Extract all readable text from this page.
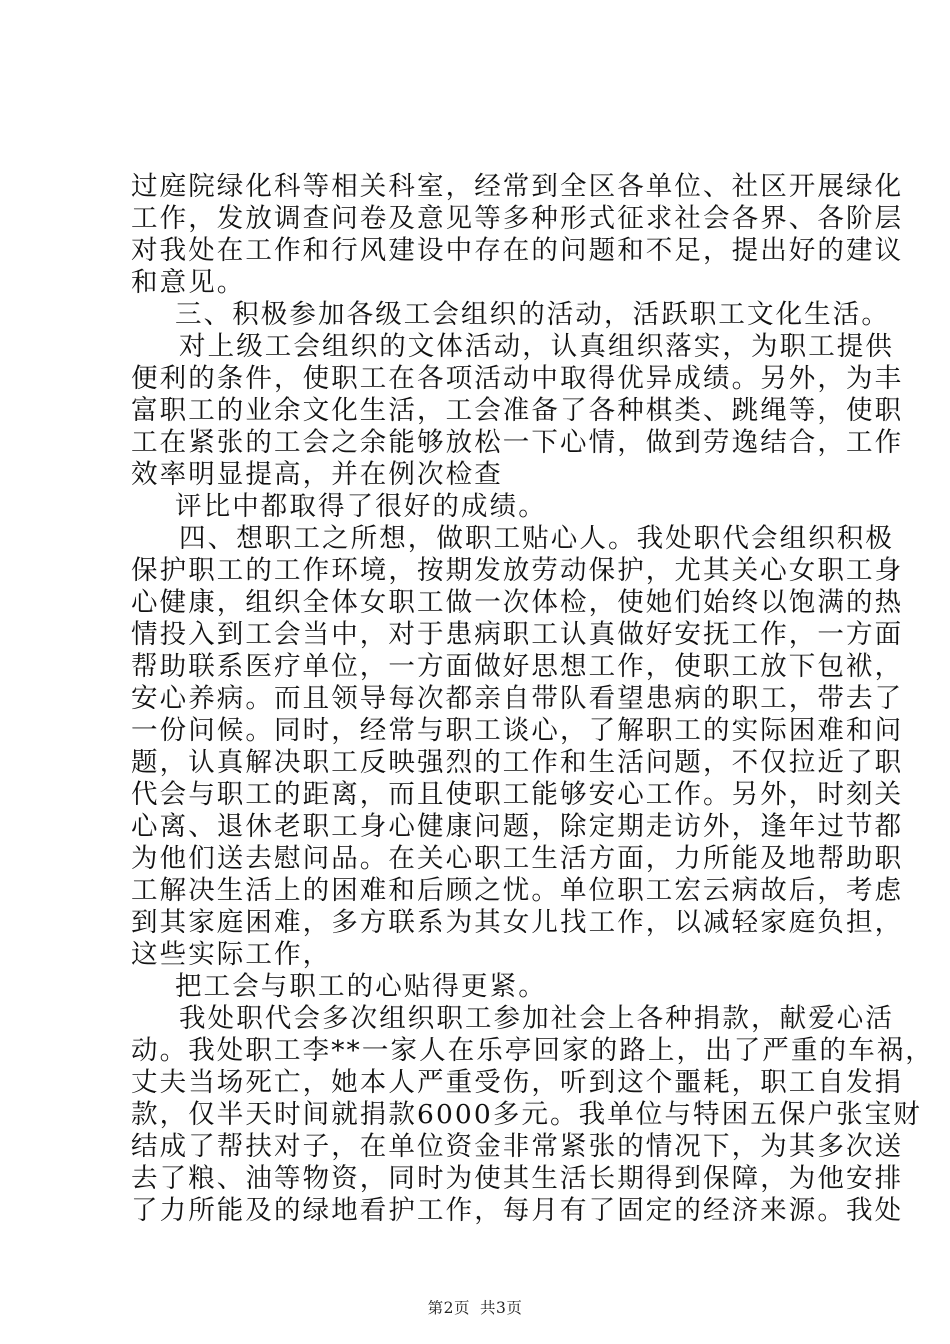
过庭院绿化科等相关科室，经常到全区各单位、社区开展绿化
工作，发放调查问卷及意见等多种形式征求社会各界、各阶层
对我处在工作和行风建设中存在的问题和不足，提出好的建议
和意见。
三、积极参加各级工会组织的活动，活跃职工文化生活。
对上级工会组织的文体活动，认真组织落实，为职工提供
便利的条件，使职工在各项活动中取得优异成绩。另外，为丰
富职工的业余文化生活，工会准备了各种棋类、跳绳等，使职
工在紧张的工会之余能够放松一下心情，做到劳逸结合，工作
效率明显提高，并在例次检查
评比中都取得了很好的成绩。
四、想职工之所想，做职工贴心人。我处职代会组织积极
保护职工的工作环境，按期发放劳动保护，尤其关心女职工身
心健康，组织全体女职工做一次体检，使她们始终以饱满的热
情投入到工会当中，对于患病职工认真做好安抚工作，一方面
帮助联系医疗单位，一方面做好思想工作，使职工放下包袱，
安心养病。而且领导每次都亲自带队看望患病的职工，带去了
一份问候。同时，经常与职工谈心，了解职工的实际困难和问
题，认真解决职工反映强烈的工作和生活问题，不仅拉近了职
代会与职工的距离，而且使职工能够安心工作。另外，时刻关
心离、退休老职工身心健康问题，除定期走访外，逢年过节都
为他们送去慰问品。在关心职工生活方面，力所能及地帮助职
工解决生活上的困难和后顾之忧。单位职工宏云病故后，考虑
到其家庭困难，多方联系为其女儿找工作，以减轻家庭负担，
这些实际工作，
把工会与职工的心贴得更紧。
我处职代会多次组织职工参加社会上各种捐款，献爱心活
动。我处职工李**一家人在乐亭回家的路上，出了严重的车祸，
丈夫当场死亡，她本人严重受伤，听到这个噩耗，职工自发捐
款，仅半天时间就捐款6000多元。我单位与特困五保户张宝财
结成了帮扶对子，在单位资金非常紧张的情况下，为其多次送
去了粮、油等物资，同时为使其生活长期得到保障，为他安排
了力所能及的绿地看护工作，每月有了固定的经济来源。我处
第2页 共3页
